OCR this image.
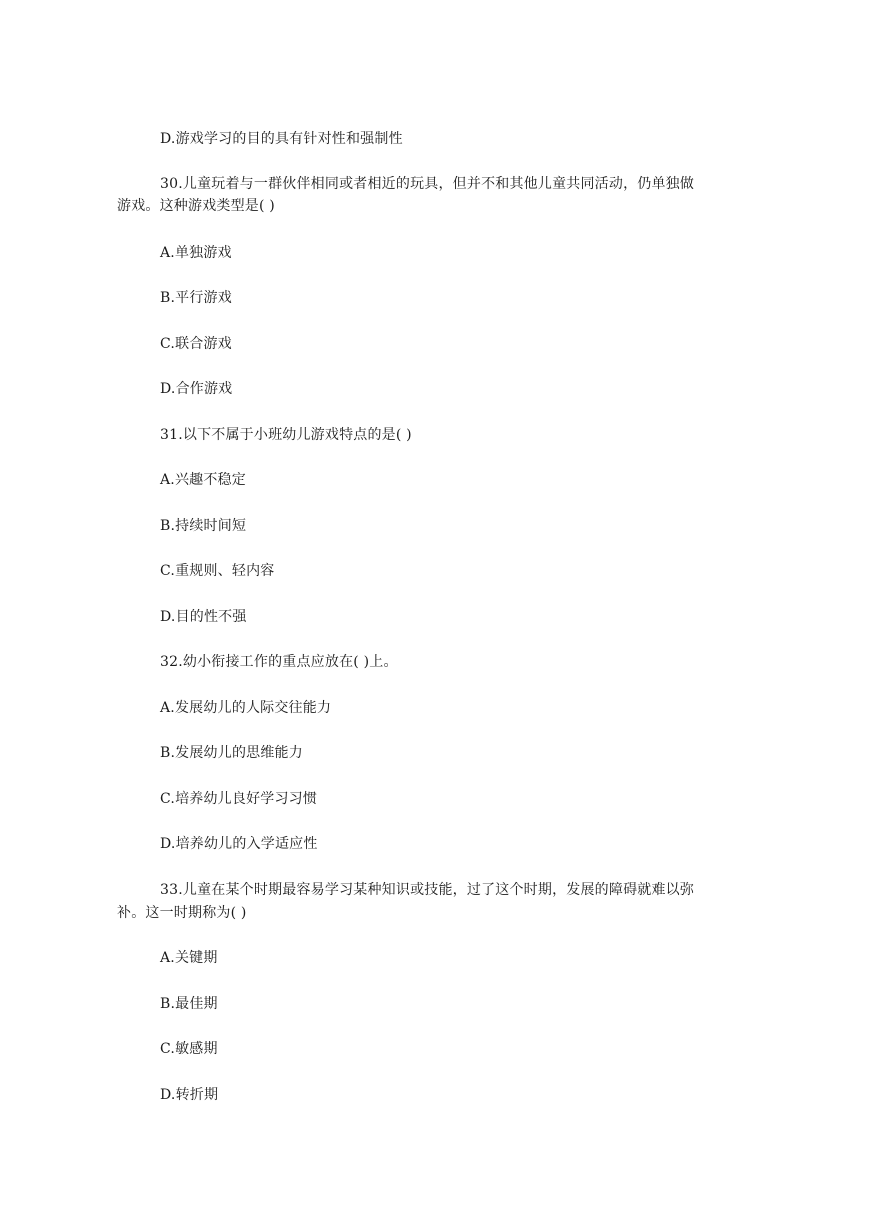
D.游戏学习的目的具有针对性和强制性
30.儿童玩着与一群伙伴相同或者相近的玩具，但并不和其他儿童共同活动，仍单独做
游戏。这种游戏类型是( )
A.单独游戏
B.平行游戏
C.联合游戏
D.合作游戏
31.以下不属于小班幼儿游戏特点的是( )
A.兴趣不稳定
B.持续时间短
C.重规则、轻内容
D.目的性不强
32.幼小衔接工作的重点应放在( )上。
A.发展幼儿的人际交往能力
B.发展幼儿的思维能力
C.培养幼儿良好学习习惯
D.培养幼儿的入学适应性
33.儿童在某个时期最容易学习某种知识或技能，过了这个时期，发展的障碍就难以弥
补。这一时期称为( )
A.关键期
B.最佳期
C.敏感期
D.转折期
